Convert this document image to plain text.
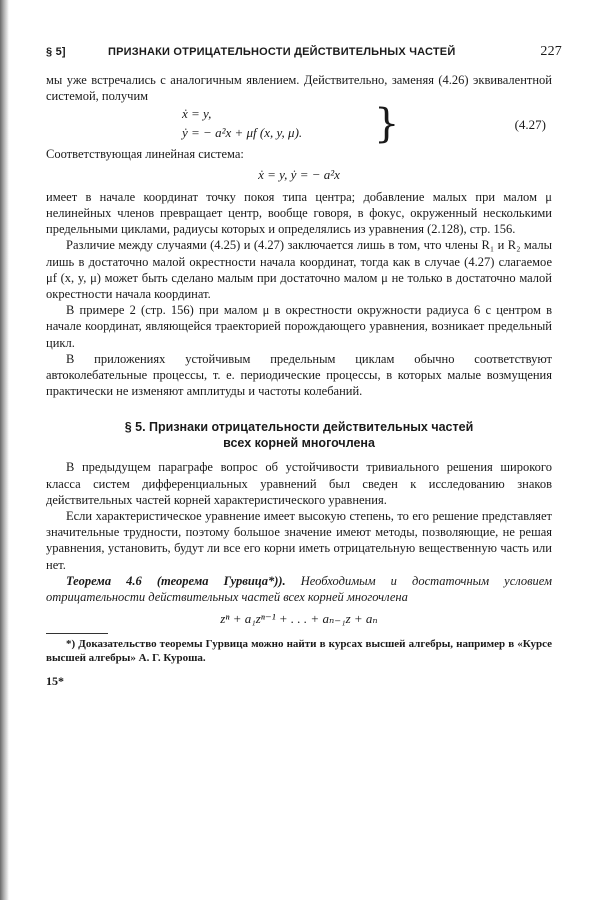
§ 5]	ПРИЗНАКИ ОТРИЦАТЕЛЬНОСТИ ДЕЙСТВИТЕЛЬНЫХ ЧАСТЕЙ	227

мы уже встречались с аналогичным явлением. Действительно, заменяя (4.26) эквивалентной системой, получим

ẋ = y,
ẏ = − a²x + μf (x, y, μ). }	(4.27)

Соответствующая линейная система:

ẋ = y, ẏ = − a²x

имеет в начале координат точку покоя типа центра; добавление малых при малом μ нелинейных членов превращает центр, вообще говоря, в фокус, окруженный несколькими предельными циклами, радиусы которых и определялись из уравнения (2.128), стр. 156.

Различие между случаями (4.25) и (4.27) заключается лишь в том, что члены R₁ и R₂ малы лишь в достаточно малой окрестности начала координат, тогда как в случае (4.27) слагаемое μf (x, y, μ) может быть сделано малым при достаточно малом μ не только в достаточно малой окрестности начала координат.

В примере 2 (стр. 156) при малом μ в окрестности окружности радиуса 6 с центром в начале координат, являющейся траекторией порождающего уравнения, возникает предельный цикл.

В приложениях устойчивым предельным циклам обычно соответствуют автоколебательные процессы, т. е. периодические процессы, в которых малые возмущения практически не изменяют амплитуды и частоты колебаний.

§ 5. Признаки отрицательности действительных частей
всех корней многочлена

В предыдущем параграфе вопрос об устойчивости тривиального решения широкого класса систем дифференциальных уравнений был сведен к исследованию знаков действительных частей корней характеристического уравнения.

Если характеристическое уравнение имеет высокую степень, то его решение представляет значительные трудности, поэтому большое значение имеют методы, позволяющие, не решая уравнения, установить, будут ли все его корни иметь отрицательную вещественную часть или нет.

Теорема 4.6 (теорема Гурвица*)). Необходимым и достаточным условием отрицательности действительных частей всех корней многочлена

zⁿ + a₁zⁿ⁻¹ + . . . + aₙ₋₁z + aₙ

*) Доказательство теоремы Гурвица можно найти в курсах высшей алгебры, например в «Курсе высшей алгебры» А. Г. Куроша.

15*
